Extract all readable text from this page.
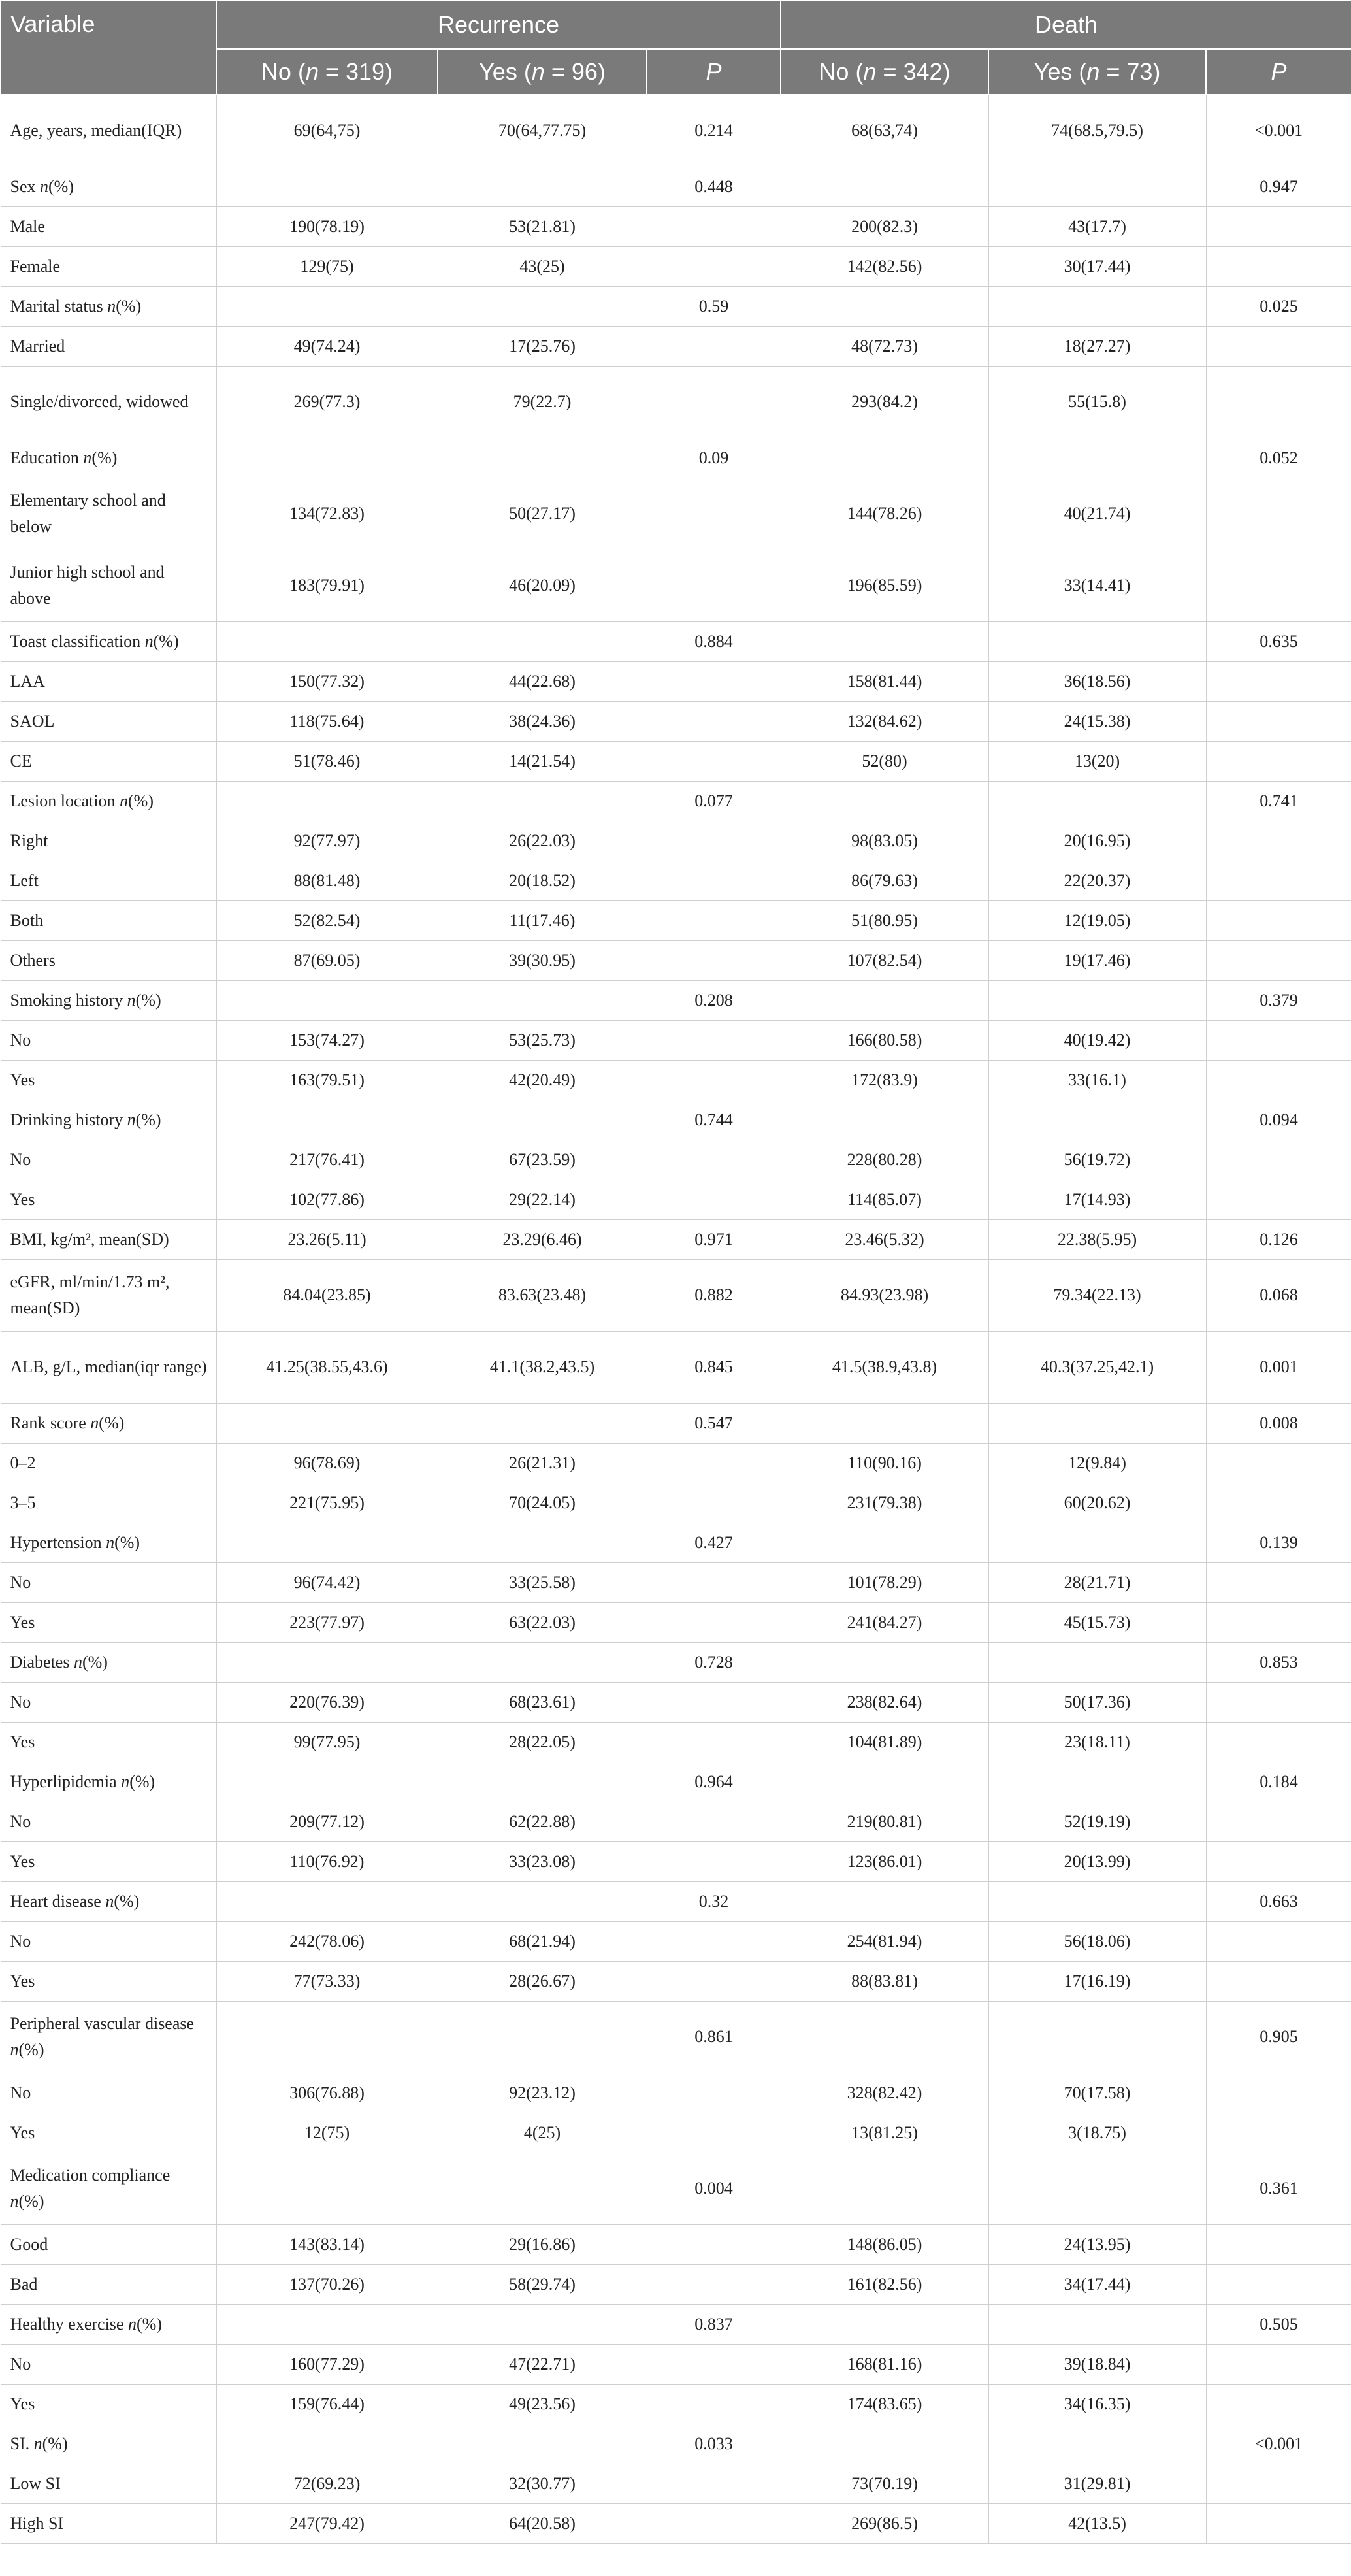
Variable	Recurrence			Death		
	No (n = 319)	Yes (n = 96)	P	No (n = 342)	Yes (n = 73)	P
Age, years, median(IQR)	69(64,75)	70(64,77.75)	0.214	68(63,74)	74(68.5,79.5)	<0.001
Sex n(%)			0.448			0.947
Male	190(78.19)	53(21.81)		200(82.3)	43(17.7)	
Female	129(75)	43(25)		142(82.56)	30(17.44)	
Marital status n(%)			0.59			0.025
Married	49(74.24)	17(25.76)		48(72.73)	18(27.27)	
Single/divorced, widowed	269(77.3)	79(22.7)		293(84.2)	55(15.8)	
Education n(%)			0.09			0.052
Elementary school and below	134(72.83)	50(27.17)		144(78.26)	40(21.74)	
Junior high school and above	183(79.91)	46(20.09)		196(85.59)	33(14.41)	
Toast classification n(%)			0.884			0.635
LAA	150(77.32)	44(22.68)		158(81.44)	36(18.56)	
SAOL	118(75.64)	38(24.36)		132(84.62)	24(15.38)	
CE	51(78.46)	14(21.54)		52(80)	13(20)	
Lesion location n(%)			0.077			0.741
Right	92(77.97)	26(22.03)		98(83.05)	20(16.95)	
Left	88(81.48)	20(18.52)		86(79.63)	22(20.37)	
Both	52(82.54)	11(17.46)		51(80.95)	12(19.05)	
Others	87(69.05)	39(30.95)		107(82.54)	19(17.46)	
Smoking history n(%)			0.208			0.379
No	153(74.27)	53(25.73)		166(80.58)	40(19.42)	
Yes	163(79.51)	42(20.49)		172(83.9)	33(16.1)	
Drinking history n(%)			0.744			0.094
No	217(76.41)	67(23.59)		228(80.28)	56(19.72)	
Yes	102(77.86)	29(22.14)		114(85.07)	17(14.93)	
BMI, kg/m², mean(SD)	23.26(5.11)	23.29(6.46)	0.971	23.46(5.32)	22.38(5.95)	0.126
eGFR, ml/min/1.73 m², mean(SD)	84.04(23.85)	83.63(23.48)	0.882	84.93(23.98)	79.34(22.13)	0.068
ALB, g/L, median(iqr range)	41.25(38.55,43.6)	41.1(38.2,43.5)	0.845	41.5(38.9,43.8)	40.3(37.25,42.1)	0.001
Rank score n(%)			0.547			0.008
0–2	96(78.69)	26(21.31)		110(90.16)	12(9.84)	
3–5	221(75.95)	70(24.05)		231(79.38)	60(20.62)	
Hypertension n(%)			0.427			0.139
No	96(74.42)	33(25.58)		101(78.29)	28(21.71)	
Yes	223(77.97)	63(22.03)		241(84.27)	45(15.73)	
Diabetes n(%)			0.728			0.853
No	220(76.39)	68(23.61)		238(82.64)	50(17.36)	
Yes	99(77.95)	28(22.05)		104(81.89)	23(18.11)	
Hyperlipidemia n(%)			0.964			0.184
No	209(77.12)	62(22.88)		219(80.81)	52(19.19)	
Yes	110(76.92)	33(23.08)		123(86.01)	20(13.99)	
Heart disease n(%)			0.32			0.663
No	242(78.06)	68(21.94)		254(81.94)	56(18.06)	
Yes	77(73.33)	28(26.67)		88(83.81)	17(16.19)	
Peripheral vascular disease n(%)			0.861			0.905
No	306(76.88)	92(23.12)		328(82.42)	70(17.58)	
Yes	12(75)	4(25)		13(81.25)	3(18.75)	
Medication compliance n(%)			0.004			0.361
Good	143(83.14)	29(16.86)		148(86.05)	24(13.95)	
Bad	137(70.26)	58(29.74)		161(82.56)	34(17.44)	
Healthy exercise n(%)			0.837			0.505
No	160(77.29)	47(22.71)		168(81.16)	39(18.84)	
Yes	159(76.44)	49(23.56)		174(83.65)	34(16.35)	
SI. n(%)			0.033			<0.001
Low SI	72(69.23)	32(30.77)		73(70.19)	31(29.81)	
High SI	247(79.42)	64(20.58)		269(86.5)	42(13.5)	
